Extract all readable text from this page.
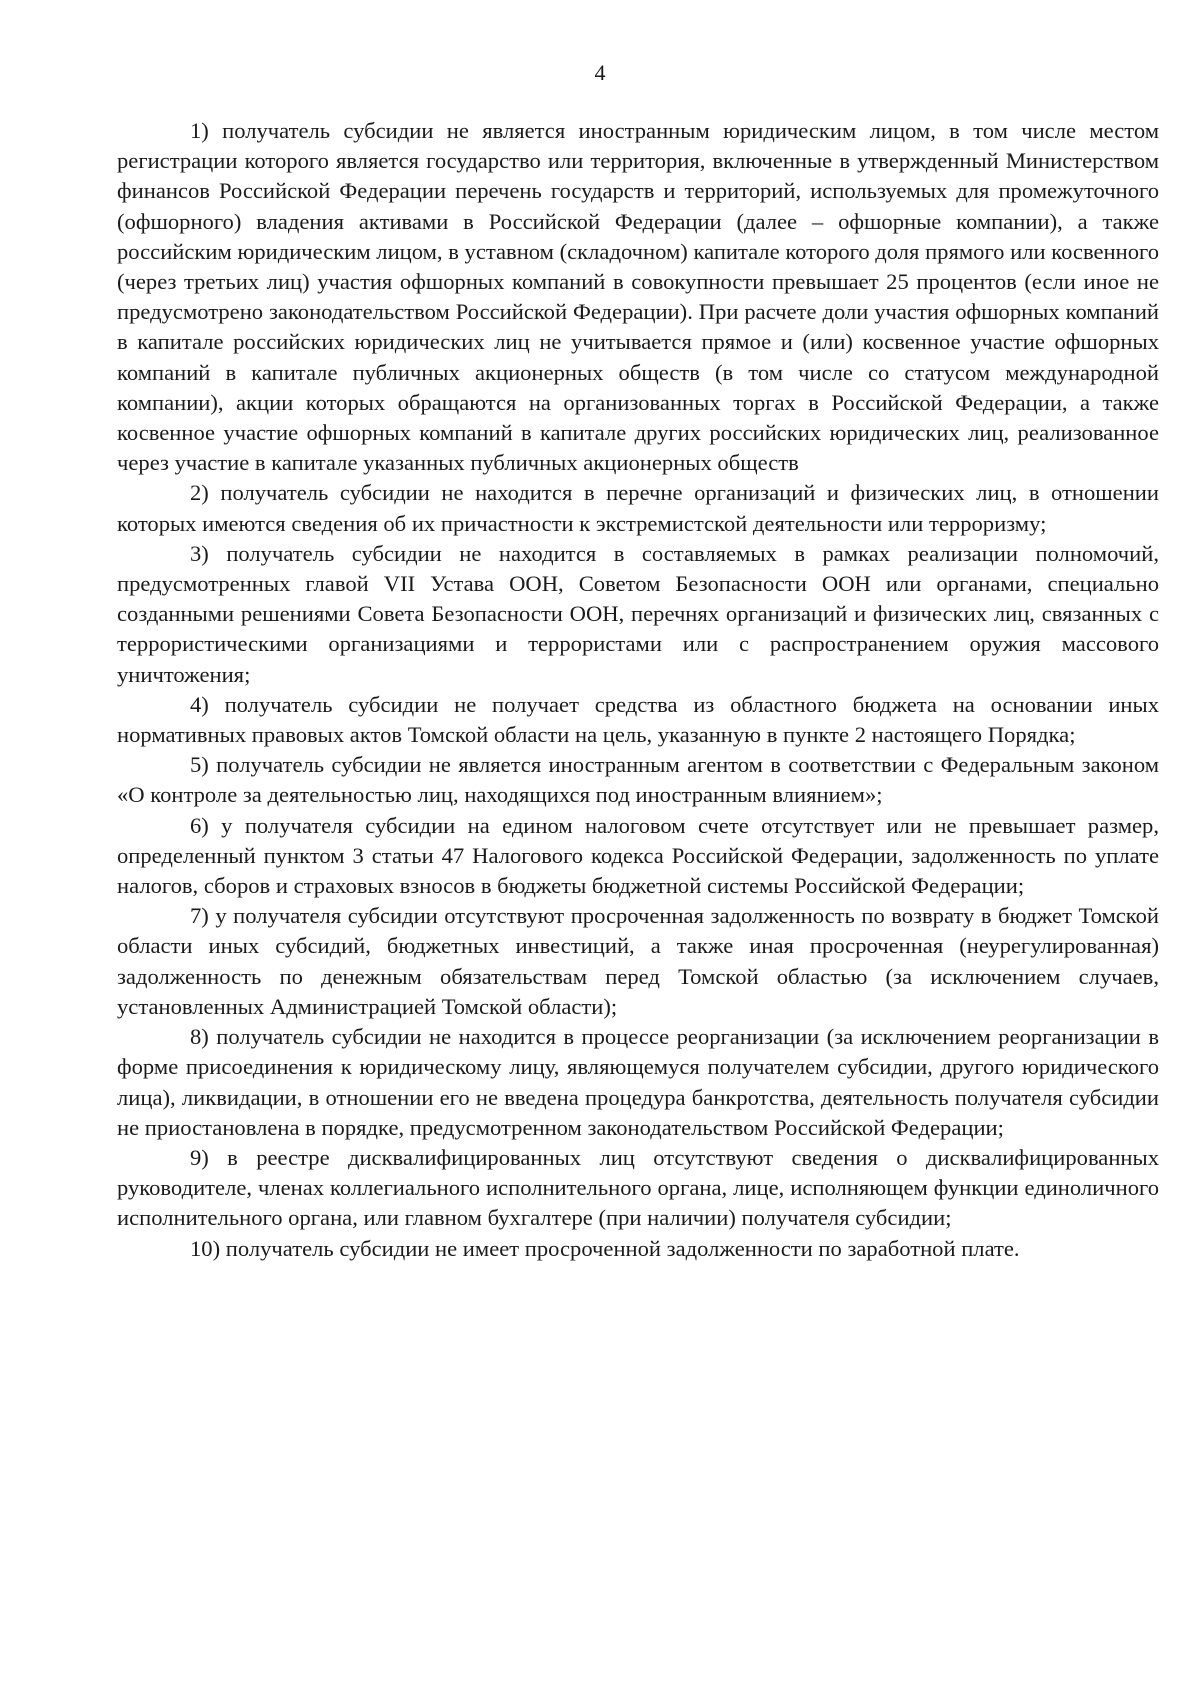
4

1) получатель субсидии не является иностранным юридическим лицом, в том числе местом регистрации которого является государство или территория, включенные в утвержденный Министерством финансов Российской Федерации перечень государств и территорий, используемых для промежуточного (офшорного) владения активами в Российской Федерации (далее – офшорные компании), а также российским юридическим лицом, в уставном (складочном) капитале которого доля прямого или косвенного (через третьих лиц) участия офшорных компаний в совокупности превышает 25 процентов (если иное не предусмотрено законодательством Российской Федерации). При расчете доли участия офшорных компаний в капитале российских юридических лиц не учитывается прямое и (или) косвенное участие офшорных компаний в капитале публичных акционерных обществ (в том числе со статусом международной компании), акции которых обращаются на организованных торгах в Российской Федерации, а также косвенное участие офшорных компаний в капитале других российских юридических лиц, реализованное через участие в капитале указанных публичных акционерных обществ

2) получатель субсидии не находится в перечне организаций и физических лиц, в отношении которых имеются сведения об их причастности к экстремистской деятельности или терроризму;

3) получатель субсидии не находится в составляемых в рамках реализации полномочий, предусмотренных главой VII Устава ООН, Советом Безопасности ООН или органами, специально созданными решениями Совета Безопасности ООН, перечнях организаций и физических лиц, связанных с террористическими организациями и террористами или с распространением оружия массового уничтожения;

4) получатель субсидии не получает средства из областного бюджета на основании иных нормативных правовых актов Томской области на цель, указанную в пункте 2 настоящего Порядка;

5) получатель субсидии не является иностранным агентом в соответствии с Федеральным законом «О контроле за деятельностью лиц, находящихся под иностранным влиянием»;

6) у получателя субсидии на едином налоговом счете отсутствует или не превышает размер, определенный пунктом 3 статьи 47 Налогового кодекса Российской Федерации, задолженность по уплате налогов, сборов и страховых взносов в бюджеты бюджетной системы Российской Федерации;

7) у получателя субсидии отсутствуют просроченная задолженность по возврату в бюджет Томской области иных субсидий, бюджетных инвестиций, а также иная просроченная (неурегулированная) задолженность по денежным обязательствам перед Томской областью (за исключением случаев, установленных Администрацией Томской области);

8) получатель субсидии не находится в процессе реорганизации (за исключением реорганизации в форме присоединения к юридическому лицу, являющемуся получателем субсидии, другого юридического лица), ликвидации, в отношении его не введена процедура банкротства, деятельность получателя субсидии не приостановлена в порядке, предусмотренном законодательством Российской Федерации;

9) в реестре дисквалифицированных лиц отсутствуют сведения о дисквалифицированных руководителе, членах коллегиального исполнительного органа, лице, исполняющем функции единоличного исполнительного органа, или главном бухгалтере (при наличии) получателя субсидии;

10) получатель субсидии не имеет просроченной задолженности по заработной плате.
